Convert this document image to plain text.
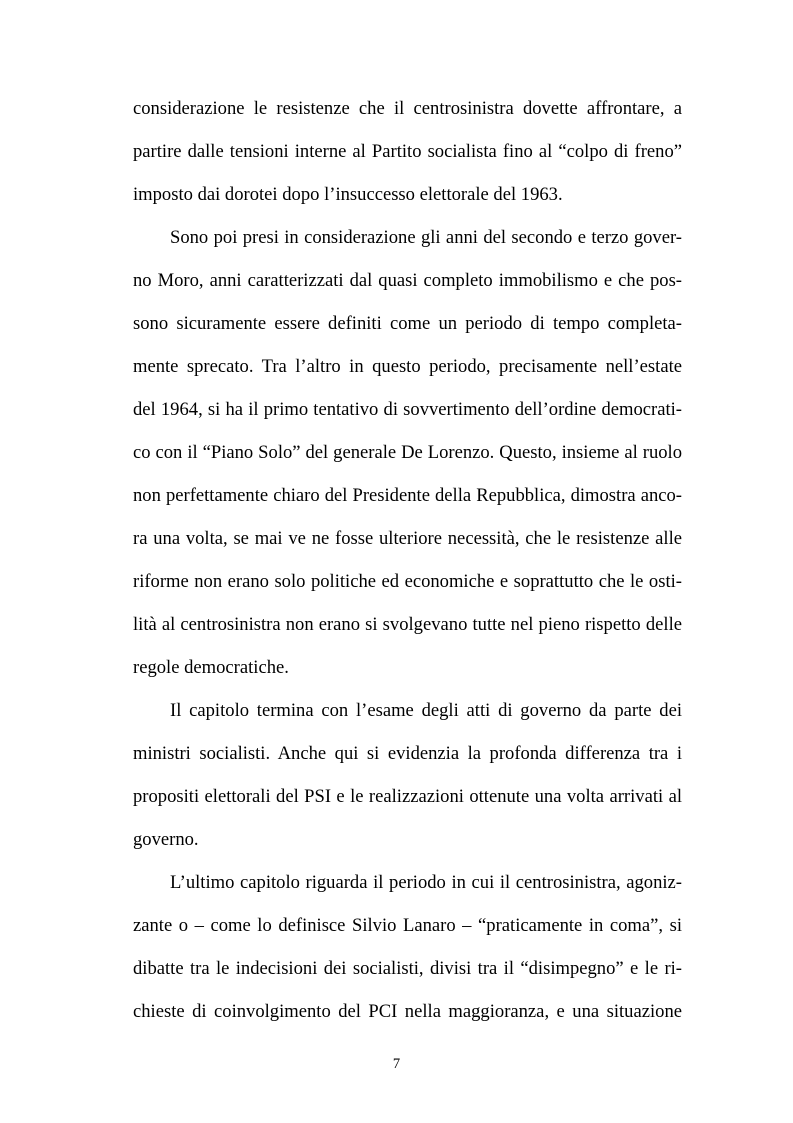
considerazione le resistenze che il centrosinistra dovette affrontare, a
partire dalle tensioni interne al Partito socialista fino al “colpo di freno”
imposto dai dorotei dopo l’insuccesso elettorale del 1963.
Sono poi presi in considerazione gli anni del secondo e terzo gover-
no Moro, anni caratterizzati dal quasi completo immobilismo e che pos-
sono sicuramente essere definiti come un periodo di tempo completa-
mente sprecato. Tra l’altro in questo periodo, precisamente nell’estate
del 1964, si ha il primo tentativo di sovvertimento dell’ordine democrati-
co con il “Piano Solo” del generale De Lorenzo. Questo, insieme al ruolo
non perfettamente chiaro del Presidente della Repubblica, dimostra anco-
ra una volta, se mai ve ne fosse ulteriore necessità, che le resistenze alle
riforme non erano solo politiche ed economiche e soprattutto che le osti-
lità al centrosinistra non erano si svolgevano tutte nel pieno rispetto delle
regole democratiche.
Il capitolo termina con l’esame degli atti di governo da parte dei
ministri socialisti. Anche qui si evidenzia la profonda differenza tra i
propositi elettorali del PSI e le realizzazioni ottenute una volta arrivati al
governo.
L’ultimo capitolo riguarda il periodo in cui il centrosinistra, agoniz-
zante o – come lo definisce Silvio Lanaro – “praticamente in coma”, si
dibatte tra le indecisioni dei socialisti, divisi tra il “disimpegno” e le ri-
chieste di coinvolgimento del PCI nella maggioranza, e una situazione
7
